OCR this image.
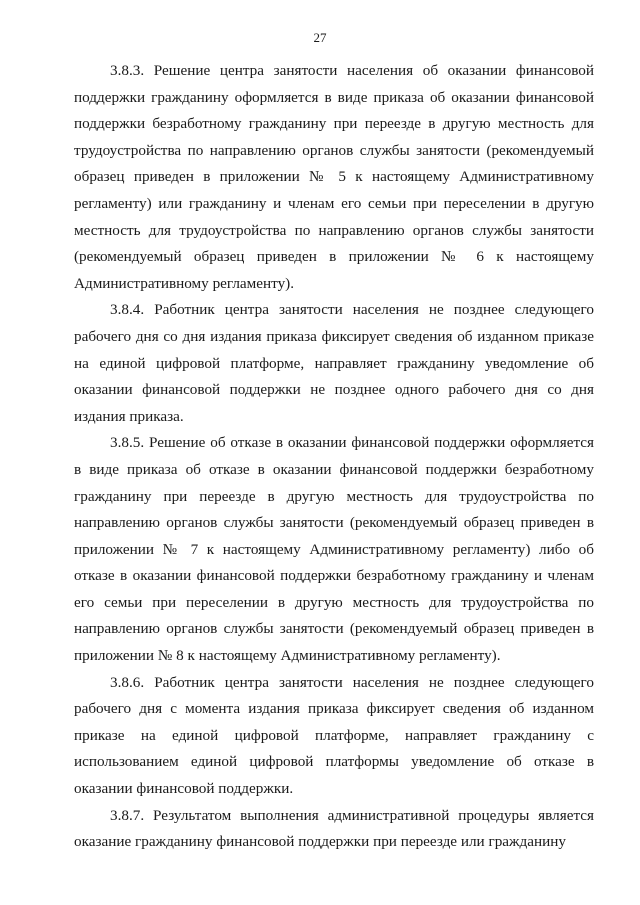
27

3.8.3. Решение центра занятости населения об оказании финансовой поддержки гражданину оформляется в виде приказа об оказании финансовой поддержки безработному гражданину при переезде в другую местность для трудоустройства по направлению органов службы занятости (рекомендуемый образец приведен в приложении № 5 к настоящему Административному регламенту) или гражданину и членам его семьи при переселении в другую местность для трудоустройства по направлению органов службы занятости (рекомендуемый образец приведен в приложении № 6 к настоящему Административному регламенту).

3.8.4. Работник центра занятости населения не позднее следующего рабочего дня со дня издания приказа фиксирует сведения об изданном приказе на единой цифровой платформе, направляет гражданину уведомление об оказании финансовой поддержки не позднее одного рабочего дня со дня издания приказа.

3.8.5. Решение об отказе в оказании финансовой поддержки оформляется в виде приказа об отказе в оказании финансовой поддержки безработному гражданину при переезде в другую местность для трудоустройства по направлению органов службы занятости (рекомендуемый образец приведен в приложении № 7 к настоящему Административному регламенту) либо об отказе в оказании финансовой поддержки безработному гражданину и членам его семьи при переселении в другую местность для трудоустройства по направлению органов службы занятости (рекомендуемый образец приведен в приложении № 8 к настоящему Административному регламенту).

3.8.6. Работник центра занятости населения не позднее следующего рабочего дня с момента издания приказа фиксирует сведения об изданном приказе на единой цифровой платформе, направляет гражданину с использованием единой цифровой платформы уведомление об отказе в оказании финансовой поддержки.

3.8.7. Результатом выполнения административной процедуры является оказание гражданину финансовой поддержки при переезде или гражданину
